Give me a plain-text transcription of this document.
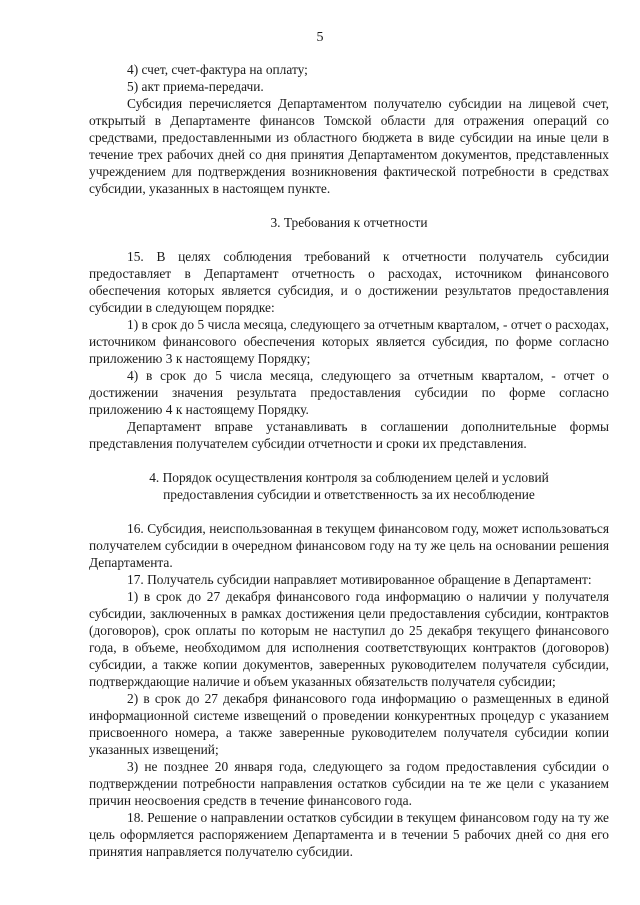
5
4) счет, счет-фактура на оплату;
5) акт приема-передачи.
Субсидия перечисляется Департаментом получателю субсидии на лицевой счет,
открытый в Департаменте финансов Томской области для отражения операций со
средствами, предоставленными из областного бюджета в виде субсидии на иные цели в
течение трех рабочих дней со дня принятия Департаментом документов, представленных
учреждением для подтверждения возникновения фактической потребности в средствах
субсидии, указанных в настоящем пункте.
3. Требования к отчетности
15. В целях соблюдения требований к отчетности получатель субсидии
предоставляет в Департамент отчетность о расходах, источником финансового
обеспечения которых является субсидия, и о достижении результатов предоставления
субсидии в следующем порядке:
1) в срок до 5 числа месяца, следующего за отчетным кварталом, - отчет о расходах,
источником финансового обеспечения которых является субсидия, по форме согласно
приложению 3 к настоящему Порядку;
4) в срок до 5 числа месяца, следующего за отчетным кварталом, - отчет о
достижении значения результата предоставления субсидии по форме согласно
приложению 4 к настоящему Порядку.
Департамент вправе устанавливать в соглашении дополнительные формы
представления получателем субсидии отчетности и сроки их представления.
4. Порядок осуществления контроля за соблюдением целей и условий
предоставления субсидии и ответственность за их несоблюдение
16. Субсидия, неиспользованная в текущем финансовом году, может использоваться
получателем субсидии в очередном финансовом году на ту же цель на основании решения
Департамента.
17. Получатель субсидии направляет мотивированное обращение в Департамент:
1) в срок до 27 декабря финансового года информацию о наличии у получателя
субсидии, заключенных в рамках достижения цели предоставления субсидии, контрактов
(договоров), срок оплаты по которым не наступил до 25 декабря текущего финансового
года, в объеме, необходимом для исполнения соответствующих контрактов (договоров)
субсидии, а также копии документов, заверенных руководителем получателя субсидии,
подтверждающие наличие и объем указанных обязательств получателя субсидии;
2) в срок до 27 декабря финансового года информацию о размещенных в единой
информационной системе извещений о проведении конкурентных процедур с указанием
присвоенного номера, а также заверенные руководителем получателя субсидии копии
указанных извещений;
3) не позднее 20 января года, следующего за годом предоставления субсидии о
подтверждении потребности направления остатков субсидии на те же цели с указанием
причин неосвоения средств в течение финансового года.
18. Решение о направлении остатков субсидии в текущем финансовом году на ту же
цель оформляется распоряжением Департамента и в течении 5 рабочих дней со дня его
принятия направляется получателю субсидии.
